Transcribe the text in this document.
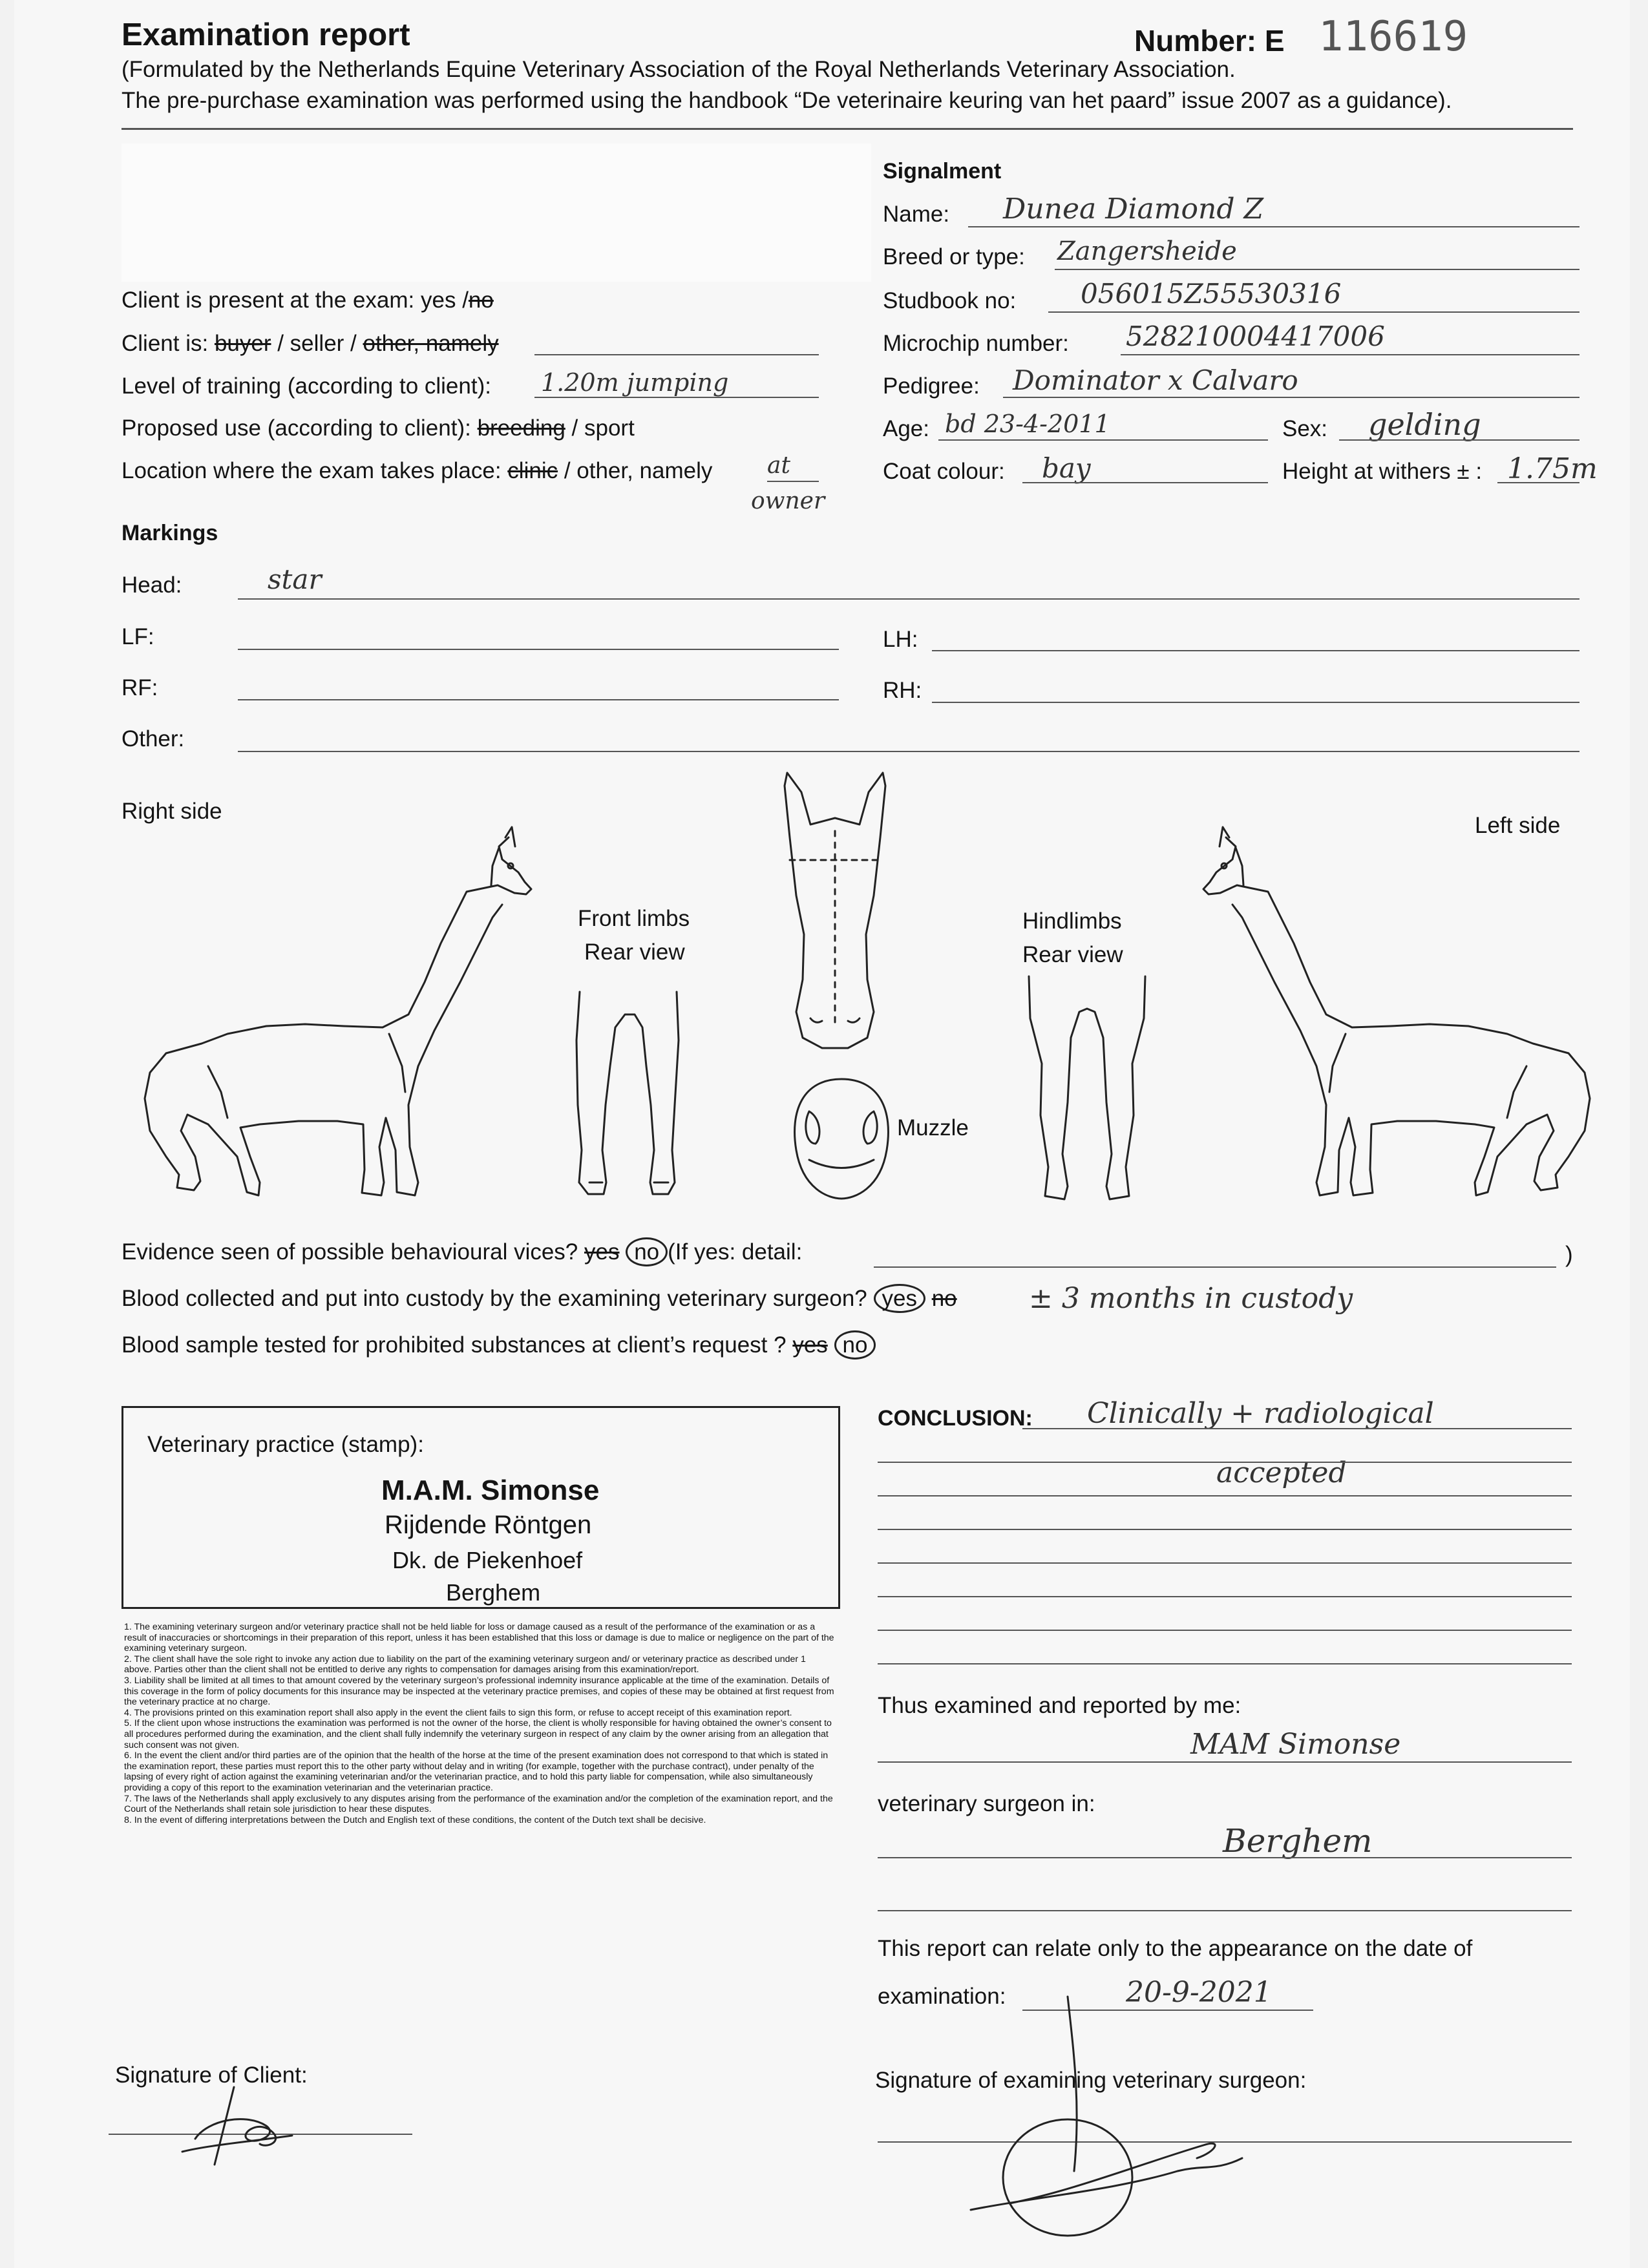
Examination report	Number: E 116619
(Formulated by the Netherlands Equine Veterinary Association of the Royal Netherlands Veterinary Association.
The pre-purchase examination was performed using the handbook “De veterinaire keuring van het paard” issue 2007 as a guidance).
Client is present at the exam: yes /no
Client is: buyer / seller / other, namely
Level of training (according to client): 1.20m jumping
Proposed use (according to client): breeding / sport
Location where the exam takes place: clinic / other, namely at
owner
Signalment
Name: Dunea Diamond Z
Breed or type: Zangersheide
Studbook no: 056015Z55530316
Microchip number: 528210004417006
Pedigree: Dominator x Calvaro
Age: bd 23-4-2011	Sex: gelding
Coat colour: bay	Height at withers ± : 1.75m
Markings
Head:	star
LF:	LH:
RF:	RH:
Other:
Right side
Left side
Front limbs
Rear view
Hindlimbs
Rear view
Muzzle
Evidence seen of possible behavioural vices? yes no (If yes: detail:	)
Blood collected and put into custody by the examining veterinary surgeon? yes no	± 3 months in custody
Blood sample tested for prohibited substances at client’s request ? yes no
Veterinary practice (stamp):
M.A.M. Simonse
Rijdende Röntgen
Dk. de Piekenhoef
Berghem
CONCLUSION: Clinically + radiological
accepted

1. The examining veterinary surgeon and/or veterinary practice shall not be held liable for loss or damage caused as a result of the performance of the examination or as a result of inaccuracies or shortcomings in their preparation of this report, unless it has been established that this loss or damage is due to malice or negligence on the part of the examining veterinary surgeon.

2. The client shall have the sole right to invoke any action due to liability on the part of the examining veterinary surgeon and/ or veterinary practice as described under 1 above. Parties other than the client shall not be entitled to derive any rights to compensation for damages arising from this examination/report.

3. Liability shall be limited at all times to that amount covered by the veterinary surgeon’s professional indemnity insurance applicable at the time of the examination. Details of this coverage in the form of policy documents for this insurance may be inspected at the veterinary practice premises, and copies of these may be obtained at first request from the veterinary practice at no charge.

4. The provisions printed on this examination report shall also apply in the event the client fails to sign this form, or refuse to accept receipt of this examination report.

5. If the client upon whose instructions the examination was performed is not the owner of the horse, the client is wholly responsible for having obtained the owner’s consent to all procedures performed during the examination, and the client shall fully indemnify the veterinary surgeon in respect of any claim by the owner arising from an allegation that such consent was not given.

6. In the event the client and/or third parties are of the opinion that the health of the horse at the time of the present examination does not correspond to that which is stated in the examination report, these parties must report this to the other party without delay and in writing (for example, together with the purchase contract), under penalty of the lapsing of every right of action against the examining veterinarian and/or the veterinarian practice, and to hold this party liable for compensation, while also simultaneously providing a copy of this report to the examination veterinarian and the veterinarian practice.

7. The laws of the Netherlands shall apply exclusively to any disputes arising from the performance of the examination and/or the completion of the examination report, and the Court of the Netherlands shall retain sole jurisdiction to hear these disputes.

8. In the event of differing interpretations between the Dutch and English text of these conditions, the content of the Dutch text shall be decisive.

Thus examined and reported by me:
MAM Simonse
veterinary surgeon in:
Berghem
This report can relate only to the appearance on the date of
examination:	20-9-2021
Signature of Client:	Signature of examining veterinary surgeon:
